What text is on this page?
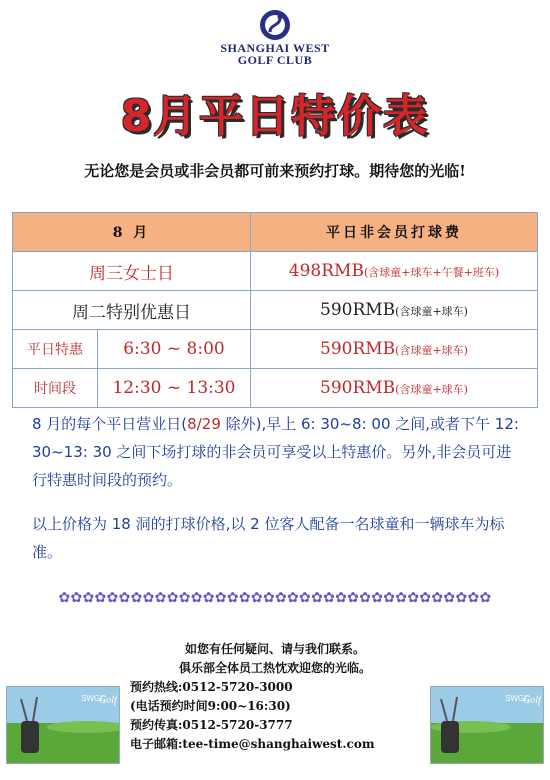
SHANGHAI WEST
GOLF CLUB
8月平日特价表
无论您是会员或非会员都可前来预约打球。期待您的光临!
8 月		平日非会员打球费
周三女士日		498RMB(含球童+球车+午餐+班车)
周二特别优惠日		590RMB(含球童+球车)
平日特惠	6:30 ~ 8:00	590RMB(含球童+球车)
时间段	12:30 ~ 13:30	590RMB(含球童+球车)
8 月的每个平日营业日(8/29 除外),早上 6: 30~8: 00 之间,或者下午 12: 30~13: 30 之间下场打球的非会员可享受以上特惠价。另外,非会员可进行特惠时间段的预约。
以上价格为 18 洞的打球价格,以 2 位客人配备一名球童和一辆球车为标准。
✿✿✿✿✿✿✿✿✿✿✿✿✿✿✿✿✿✿✿✿✿✿✿✿✿✿✿✿✿✿✿✿✿✿✿✿
SWGC
Golf	SWGC
Golf
如您有任何疑问、请与我们联系。
俱乐部全体员工热忱欢迎您的光临。
预约热线:0512-5720-3000
(电话预约时间9:00~16:30)
预约传真:0512-5720-3777
电子邮箱:tee-time@shanghaiwest.com
